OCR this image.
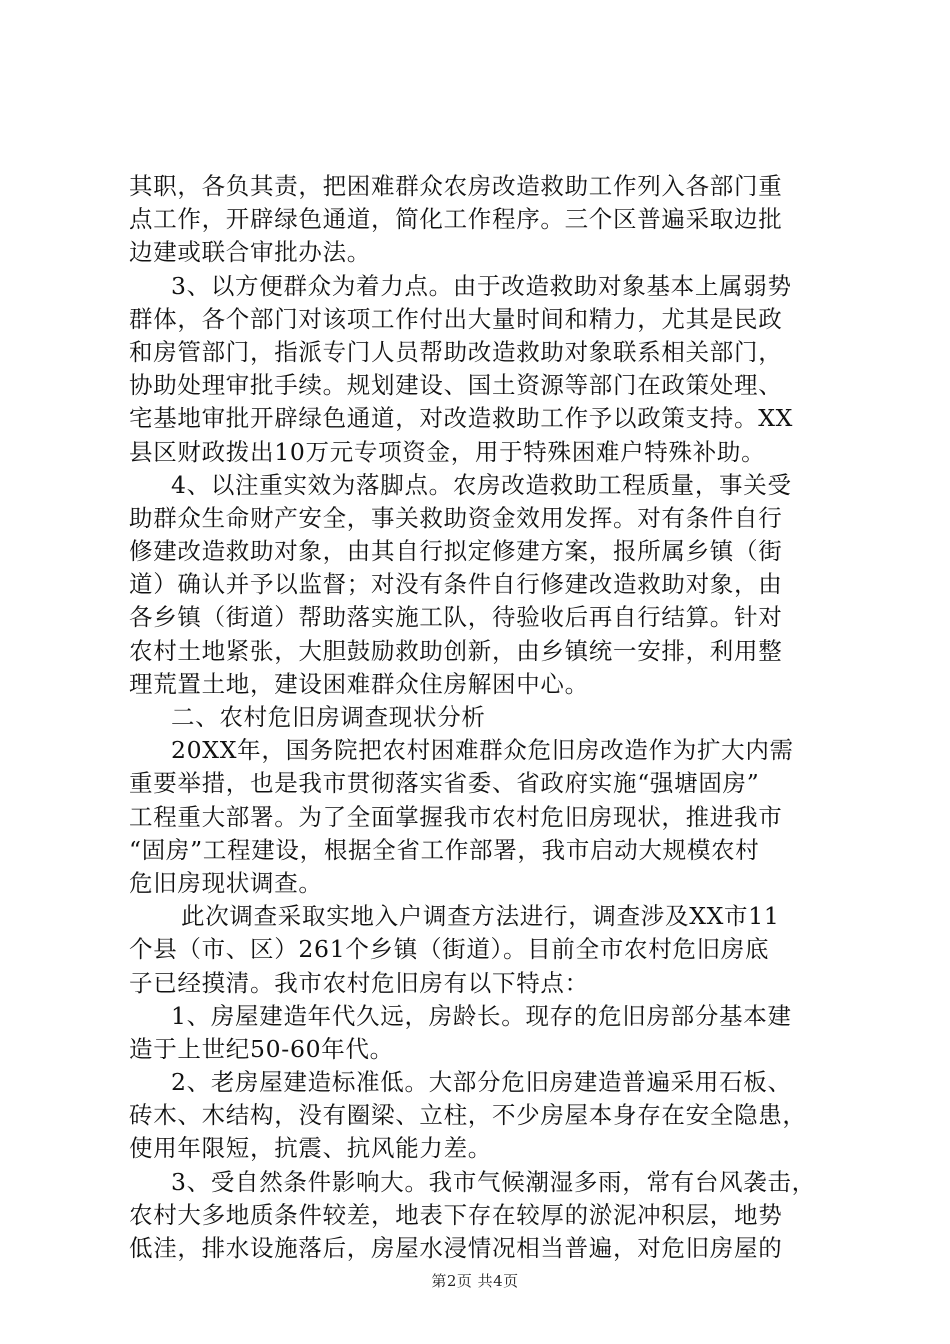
其职，各负其责，把困难群众农房改造救助工作列入各部门重
点工作，开辟绿色通道，简化工作程序。三个区普遍采取边批
边建或联合审批办法。
3、以方便群众为着力点。由于改造救助对象基本上属弱势
群体，各个部门对该项工作付出大量时间和精力，尤其是民政
和房管部门，指派专门人员帮助改造救助对象联系相关部门，
协助处理审批手续。规划建设、国土资源等部门在政策处理、
宅基地审批开辟绿色通道，对改造救助工作予以政策支持。XX
县区财政拨出10万元专项资金，用于特殊困难户特殊补助。
4、以注重实效为落脚点。农房改造救助工程质量，事关受
助群众生命财产安全，事关救助资金效用发挥。对有条件自行
修建改造救助对象，由其自行拟定修建方案，报所属乡镇（街
道）确认并予以监督；对没有条件自行修建改造救助对象，由
各乡镇（街道）帮助落实施工队，待验收后再自行结算。针对
农村土地紧张，大胆鼓励救助创新，由乡镇统一安排，利用整
理荒置土地，建设困难群众住房解困中心。
二、农村危旧房调查现状分析
20XX年，国务院把农村困难群众危旧房改造作为扩大内需
重要举措，也是我市贯彻落实省委、省政府实施“强塘固房”
工程重大部署。为了全面掌握我市农村危旧房现状，推进我市
“固房”工程建设，根据全省工作部署，我市启动大规模农村
危旧房现状调查。
此次调查采取实地入户调查方法进行，调查涉及XX市11
个县（市、区）261个乡镇（街道）。目前全市农村危旧房底
子已经摸清。我市农村危旧房有以下特点：
1、房屋建造年代久远，房龄长。现存的危旧房部分基本建
造于上世纪50-60年代。
2、老房屋建造标准低。大部分危旧房建造普遍采用石板、
砖木、木结构，没有圈梁、立柱，不少房屋本身存在安全隐患，
使用年限短，抗震、抗风能力差。
3、受自然条件影响大。我市气候潮湿多雨，常有台风袭击，
农村大多地质条件较差，地表下存在较厚的淤泥冲积层，地势
低洼，排水设施落后，房屋水浸情况相当普遍，对危旧房屋的
第2页 共4页
